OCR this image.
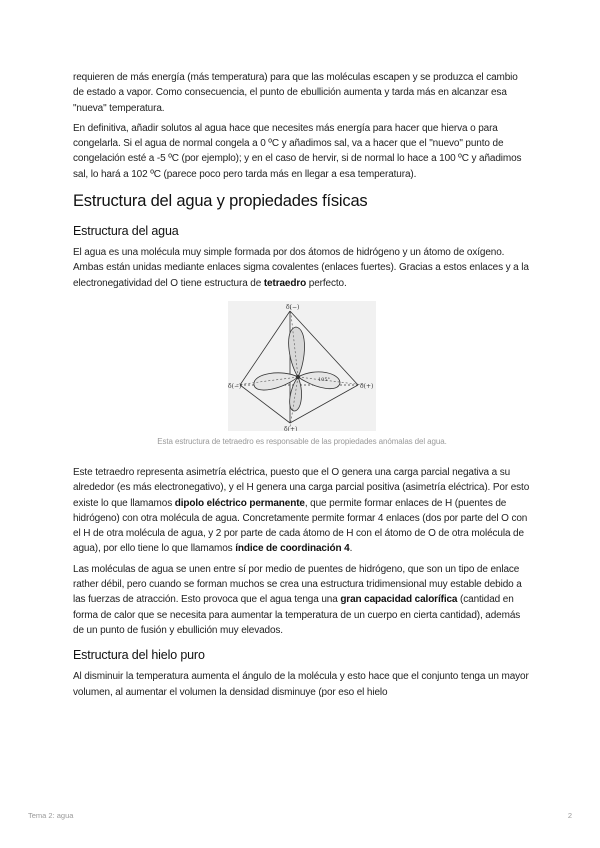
requieren de más energía (más temperatura) para que las moléculas escapen y se produzca el cambio de estado a vapor. Como consecuencia, el punto de ebullición aumenta y tarda más en alcanzar esa "nueva" temperatura.

En definitiva, añadir solutos al agua hace que necesites más energía para hacer que hierva o para congelarla. Si el agua de normal congela a 0 ºC y añadimos sal, va a hacer que el "nuevo" punto de congelación esté a -5 ºC (por ejemplo); y en el caso de hervir, si de normal lo hace a 100 ºC y añadimos sal, lo hará a 102 ºC (parece poco pero tarda más en llegar a esa temperatura).

Estructura del agua y propiedades físicas
Estructura del agua

El agua es una molécula muy simple formada por dos átomos de hidrógeno y un átomo de oxígeno. Ambas están unidas mediante enlaces sigma covalentes (enlaces fuertes). Gracias a estos enlaces y a la electronegatividad del O tiene estructura de tetraedro perfecto.

δ(−)
δ(−)	δ(+)
δ(+)
105°
Esta estructura de tetraedro es responsable de las propiedades anómalas del agua.

Este tetraedro representa asimetría eléctrica, puesto que el O genera una carga parcial negativa a su alrededor (es más electronegativo), y el H genera una carga parcial positiva (asimetría eléctrica). Por esto existe lo que llamamos dipolo eléctrico permanente, que permite formar enlaces de H (puentes de hidrógeno) con otra molécula de agua. Concretamente permite formar 4 enlaces (dos por parte del O con el H de otra molécula de agua, y 2 por parte de cada átomo de H con el átomo de O de otra molécula de agua), por ello tiene lo que llamamos índice de coordinación 4.

Las moléculas de agua se unen entre sí por medio de puentes de hidrógeno, que son un tipo de enlace rather débil, pero cuando se forman muchos se crea una estructura tridimensional muy estable debido a las fuerzas de atracción. Esto provoca que el agua tenga una gran capacidad calorífica (cantidad en forma de calor que se necesita para aumentar la temperatura de un cuerpo en cierta cantidad), además de un punto de fusión y ebullición muy elevados.

Estructura del hielo puro

Al disminuir la temperatura aumenta el ángulo de la molécula y esto hace que el conjunto tenga un mayor volumen, al aumentar el volumen la densidad disminuye (por eso el hielo

Tema 2: agua	2
